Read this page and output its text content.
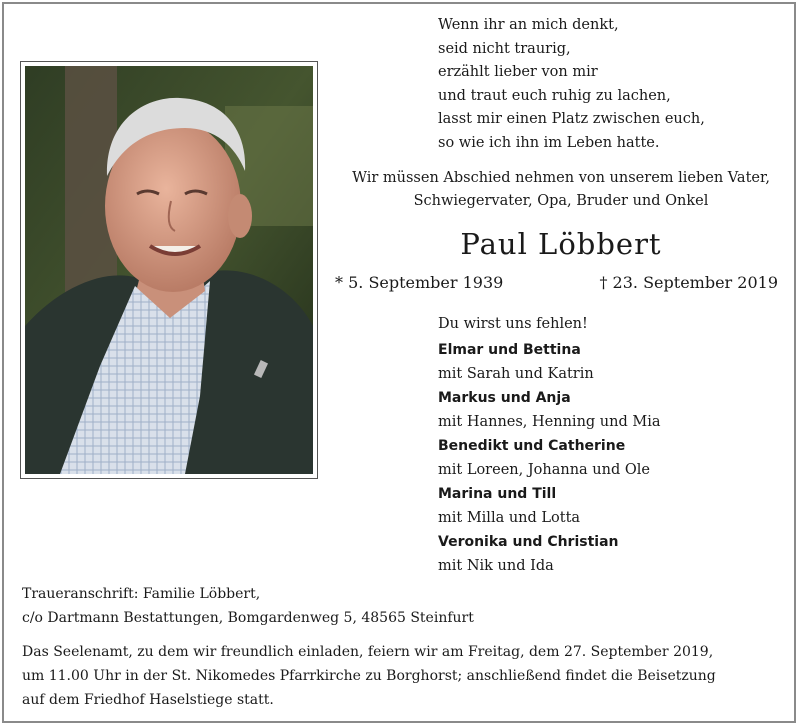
Wenn ihr an mich denkt,
seid nicht traurig,
erzählt lieber von mir
und traut euch ruhig zu lachen,
lasst mir einen Platz zwischen euch,
so wie ich ihn im Leben hatte.
Wir müssen Abschied nehmen von unserem lieben Vater,
Schwiegervater, Opa, Bruder und Onkel
Paul Löbbert
* 5. September 1939	† 23. September 2019
Du wirst uns fehlen!
Elmar und Bettina
mit Sarah und Katrin
Markus und Anja
mit Hannes, Henning und Mia
Benedikt und Catherine
mit Loreen, Johanna und Ole
Marina und Till
mit Milla und Lotta
Veronika und Christian
mit Nik und Ida
Traueranschrift: Familie Löbbert,
c/o Dartmann Bestattungen, Bomgardenweg 5, 48565 Steinfurt
Das Seelenamt, zu dem wir freundlich einladen, feiern wir am Freitag, dem 27. September 2019,
um 11.00 Uhr in der St. Nikomedes Pfarrkirche zu Borghorst; anschließend findet die Beisetzung
auf dem Friedhof Haselstiege statt.
